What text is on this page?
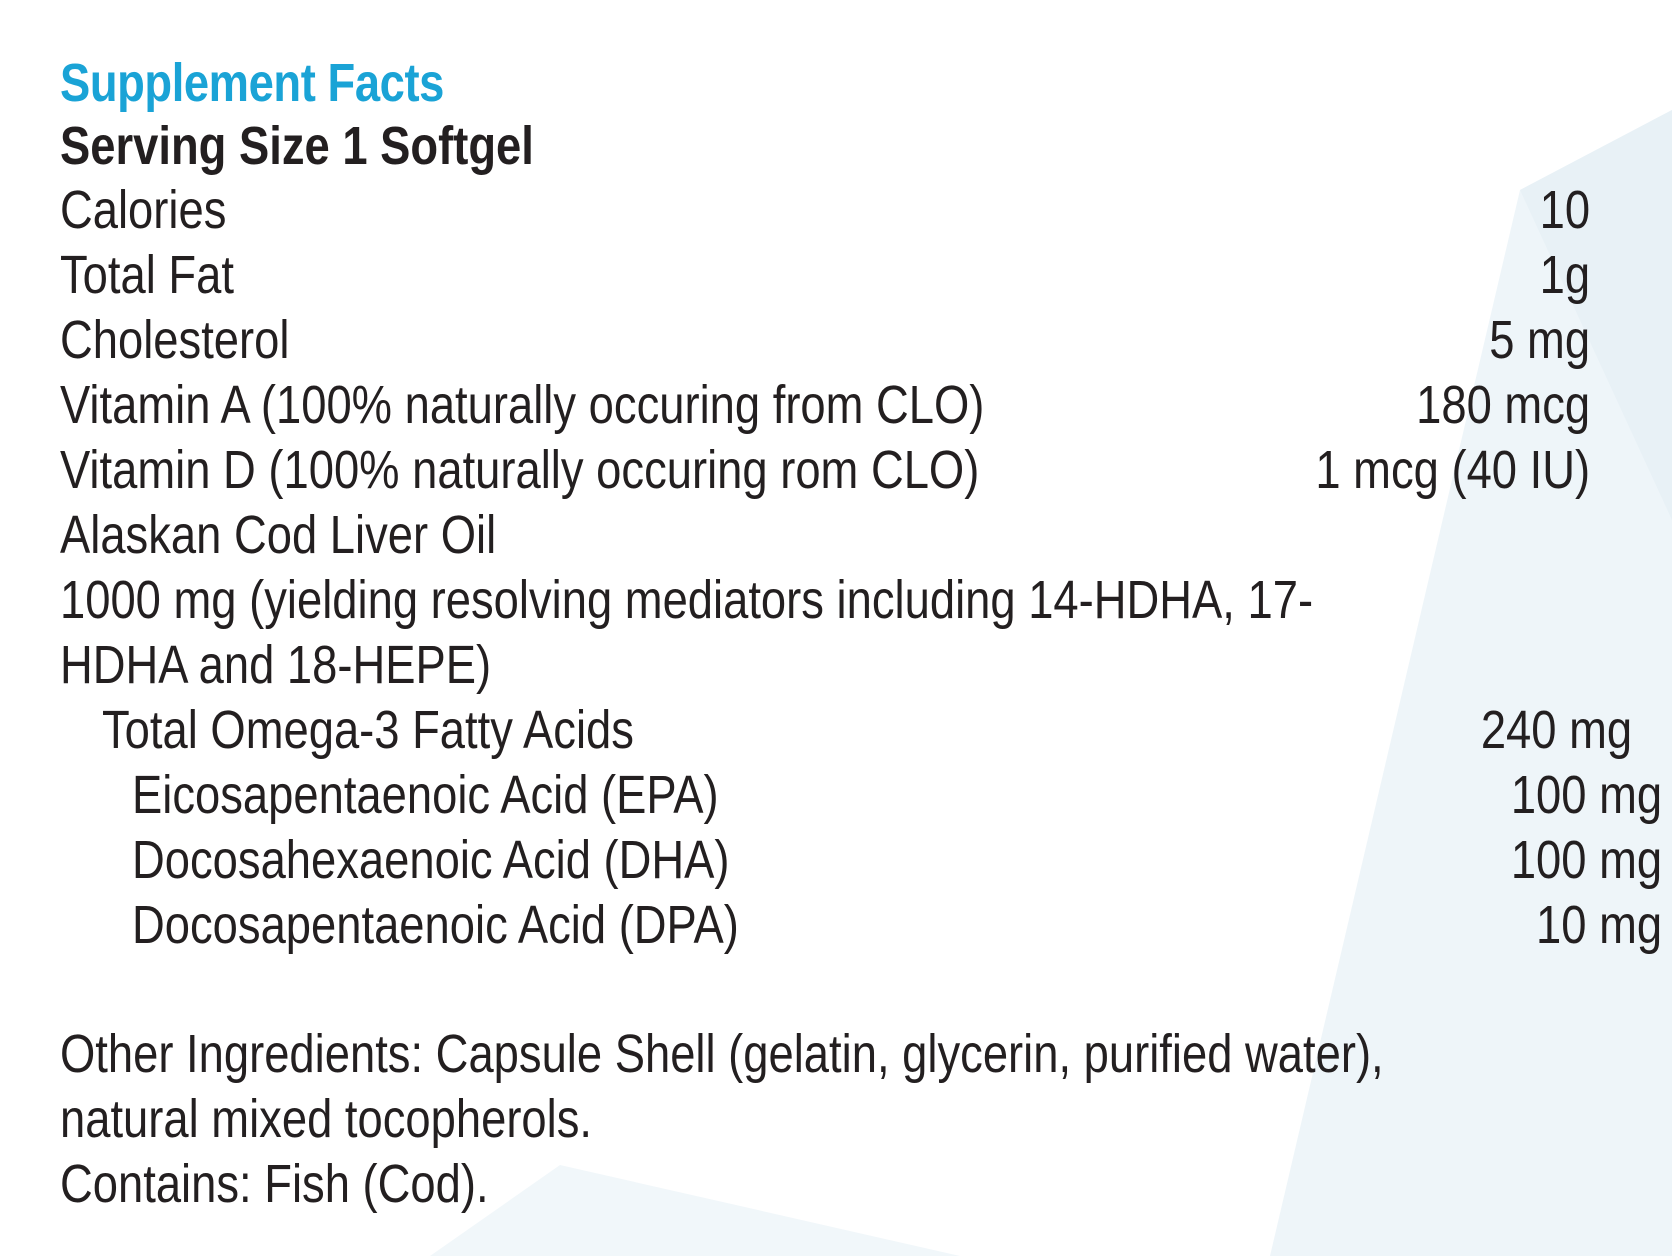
Supplement Facts
Serving Size 1 Softgel
Calories	10
Total Fat	1g
Cholesterol	5 mg
Vitamin A (100% naturally occuring from CLO)	180 mcg
Vitamin D (100% naturally occuring rom CLO)	1 mcg (40 IU)
Alaskan Cod Liver Oil
1000 mg (yielding resolving mediators including 14-HDHA, 17-
HDHA and 18-HEPE)
Total Omega-3 Fatty Acids	240 mg
Eicosapentaenoic Acid (EPA)	100 mg
Docosahexaenoic Acid (DHA)	100 mg
Docosapentaenoic Acid (DPA)	10 mg
Other Ingredients: Capsule Shell (gelatin, glycerin, purified water),
natural mixed tocopherols.
Contains: Fish (Cod).
